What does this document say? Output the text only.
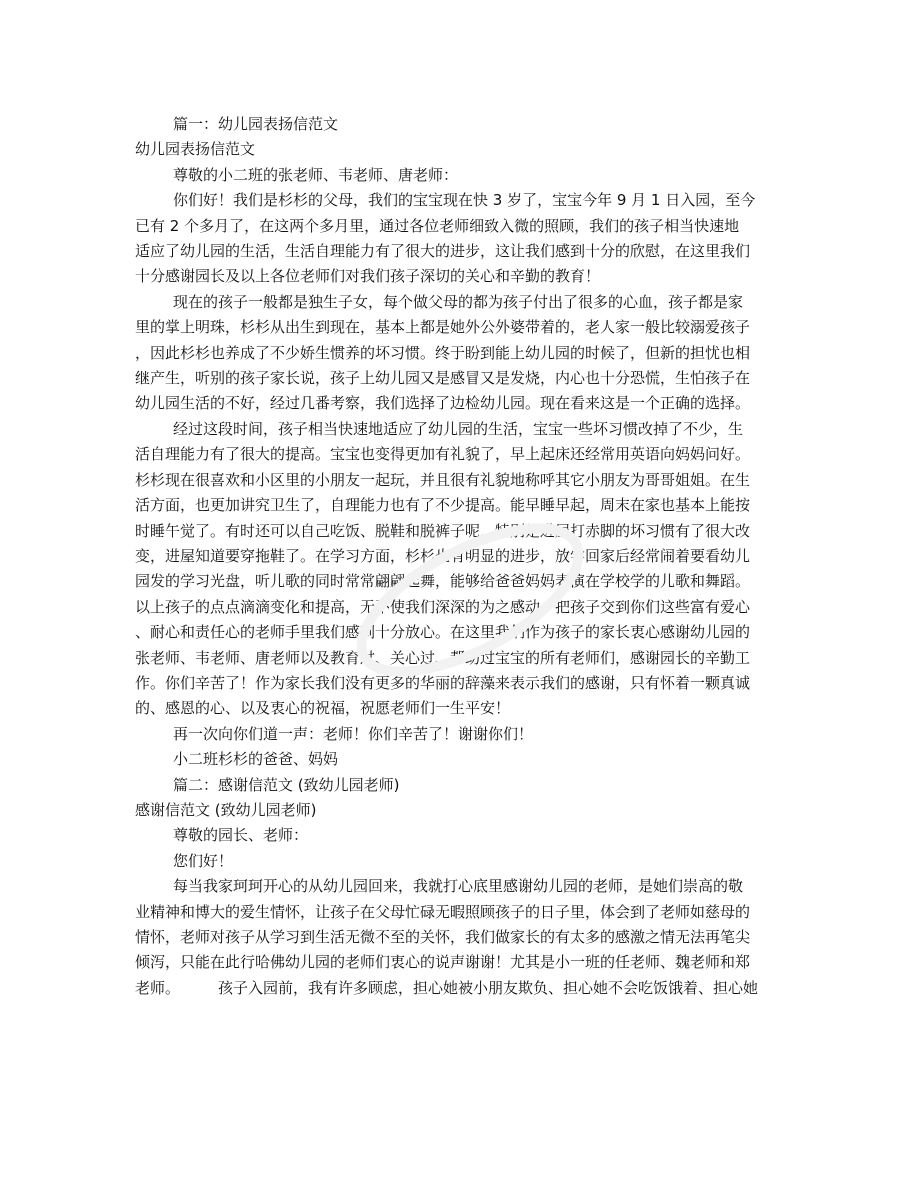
篇一：幼儿园表扬信范文
幼儿园表扬信范文
尊敬的小二班的张老师、韦老师、唐老师：
你们好！我们是杉杉的父母，我们的宝宝现在快 3 岁了，宝宝今年 9 月 1 日入园，至今
已有 2 个多月了，在这两个多月里，通过各位老师细致入微的照顾，我们的孩子相当快速地
适应了幼儿园的生活，生活自理能力有了很大的进步，这让我们感到十分的欣慰，在这里我们
十分感谢园长及以上各位老师们对我们孩子深切的关心和辛勤的教育！
现在的孩子一般都是独生子女，每个做父母的都为孩子付出了很多的心血，孩子都是家
里的掌上明珠，杉杉从出生到现在，基本上都是她外公外婆带着的，老人家一般比较溺爱孩子
，因此杉杉也养成了不少娇生惯养的坏习惯。终于盼到能上幼儿园的时候了，但新的担忧也相
继产生，听别的孩子家长说，孩子上幼儿园又是感冒又是发烧，内心也十分恐慌，生怕孩子在
幼儿园生活的不好，经过几番考察，我们选择了边检幼儿园。现在看来这是一个正确的选择。
经过这段时间，孩子相当快速地适应了幼儿园的生活，宝宝一些坏习惯改掉了不少，生
活自理能力有了很大的提高。宝宝也变得更加有礼貌了，早上起床还经常用英语向妈妈问好。
杉杉现在很喜欢和小区里的小朋友一起玩，并且很有礼貌地称呼其它小朋友为哥哥姐姐。在生
活方面，也更加讲究卫生了，自理能力也有了不少提高。能早睡早起，周末在家也基本上能按
时睡午觉了。有时还可以自己吃饭、脱鞋和脱裤子呢，特别是进屋打赤脚的坏习惯有了很大改
变，进屋知道要穿拖鞋了。在学习方面，杉杉也有明显的进步，放学回家后经常闹着要看幼儿
园发的学习光盘，听儿歌的同时常常翩翩起舞，能够给爸爸妈妈表演在学校学的儿歌和舞蹈。
以上孩子的点点滴滴变化和提高，无不使我们深深的为之感动，把孩子交到你们这些富有爱心
、耐心和责任心的老师手里我们感到十分放心。在这里我们作为孩子的家长衷心感谢幼儿园的
张老师、韦老师、唐老师以及教育过、关心过、帮助过宝宝的所有老师们，感谢园长的辛勤工
作。你们辛苦了！作为家长我们没有更多的华丽的辞藻来表示我们的感谢，只有怀着一颗真诚
的、感恩的心、以及衷心的祝福，祝愿老师们一生平安！
再一次向你们道一声：老师！你们辛苦了！谢谢你们！
小二班杉杉的爸爸、妈妈
篇二：感谢信范文 (致幼儿园老师)
感谢信范文 (致幼儿园老师)
尊敬的园长、老师：
您们好！
每当我家珂珂开心的从幼儿园回来，我就打心底里感谢幼儿园的老师，是她们崇高的敬
业精神和博大的爱生情怀，让孩子在父母忙碌无暇照顾孩子的日子里，体会到了老师如慈母的
情怀，老师对孩子从学习到生活无微不至的关怀，我们做家长的有太多的感激之情无法再笔尖
倾泻，只能在此行哈佛幼儿园的老师们衷心的说声谢谢！尤其是小一班的任老师、魏老师和郑
老师。	孩子入园前，我有许多顾虑，担心她被小朋友欺负、担心她不会吃饭饿着、担心她
